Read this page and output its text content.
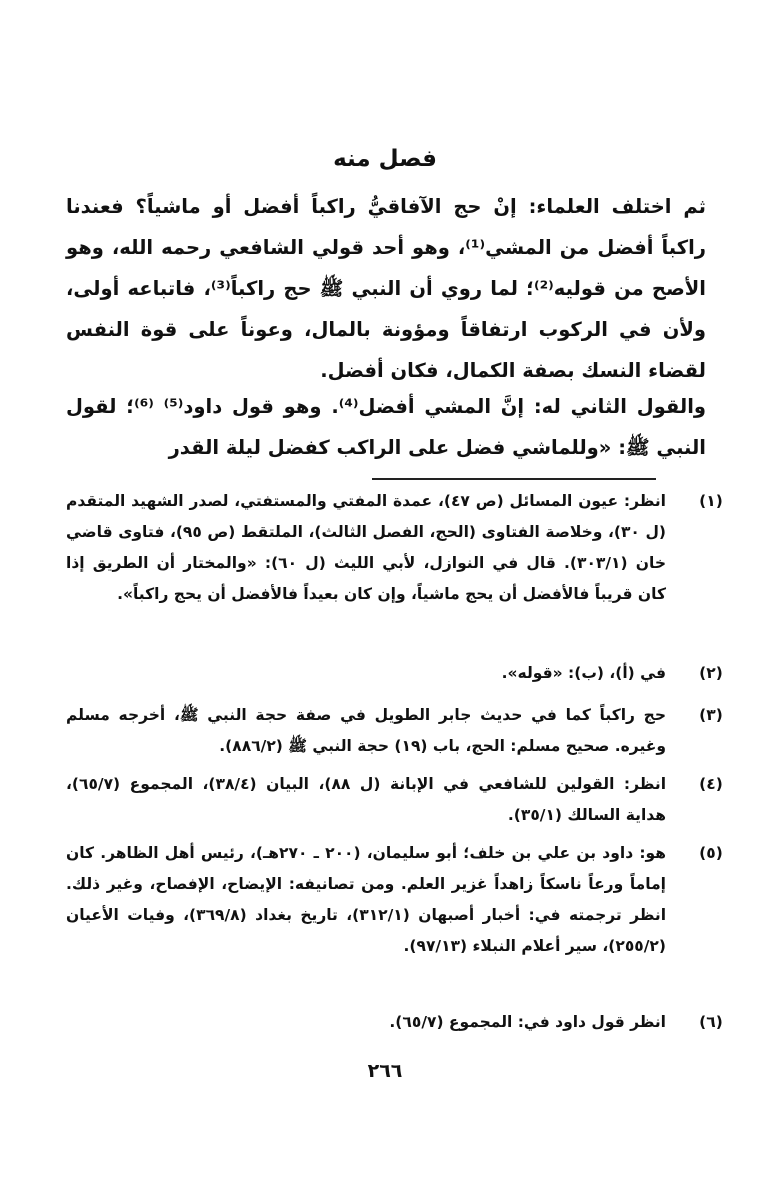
فصل منه
ثم اختلف العلماء: إنْ حج الآفاقيُّ راكباً أفضل أو ماشياً؟ فعندنا راكباً أفضل من المشي⁽¹⁾، وهو أحد قولي الشافعي رحمه الله، وهو الأصح من قوليه⁽²⁾؛ لما روي أن النبي ﷺ حج راكباً⁽³⁾، فاتباعه أولى، ولأن في الركوب ارتفاقاً ومؤونة بالمال، وعوناً على قوة النفس لقضاء النسك بصفة الكمال، فكان أفضل.
والقول الثاني له: إنَّ المشي أفضل⁽⁴⁾. وهو قول داود⁽⁵⁾ ⁽⁶⁾؛ لقول النبي ﷺ: «وللماشي فضل على الراكب كفضل ليلة القدر
(١)
انظر: عيون المسائل (ص ٤٧)، عمدة المفتي والمستفتي، لصدر الشهيد المتقدم (ل ٣٠)، وخلاصة الفتاوى (الحج، الفصل الثالث)، الملتقط (ص ٩٥)، فتاوى قاضي خان (٣٠٣/١). قال في النوازل، لأبي الليث (ل ٦٠): «والمختار أن الطريق إذا كان قريباً فالأفضل أن يحج ماشياً، وإن كان بعيداً فالأفضل أن يحج راكباً».
(٢)
في (أ)، (ب): «قوله».
(٣)
حج راكباً كما في حديث جابر الطويل في صفة حجة النبي ﷺ، أخرجه مسلم وغيره. صحيح مسلم: الحج، باب (١٩) حجة النبي ﷺ (٨٨٦/٢).
(٤)
انظر: القولين للشافعي في الإبانة (ل ٨٨)، البيان (٣٨/٤)، المجموع (٦٥/٧)، هداية السالك (٣٥/١).
(٥)
هو: داود بن علي بن خلف؛ أبو سليمان، (٢٠٠ ـ ٢٧٠هـ)، رئيس أهل الظاهر. كان إماماً ورعاً ناسكاً زاهداً غزير العلم. ومن تصانيفه: الإيضاح، الإفصاح، وغير ذلك. انظر ترجمته في: أخبار أصبهان (٣١٢/١)، تاريخ بغداد (٣٦٩/٨)، وفيات الأعيان (٢٥٥/٢)، سير أعلام النبلاء (٩٧/١٣).
(٦)
انظر قول داود في: المجموع (٦٥/٧).
٢٦٦
